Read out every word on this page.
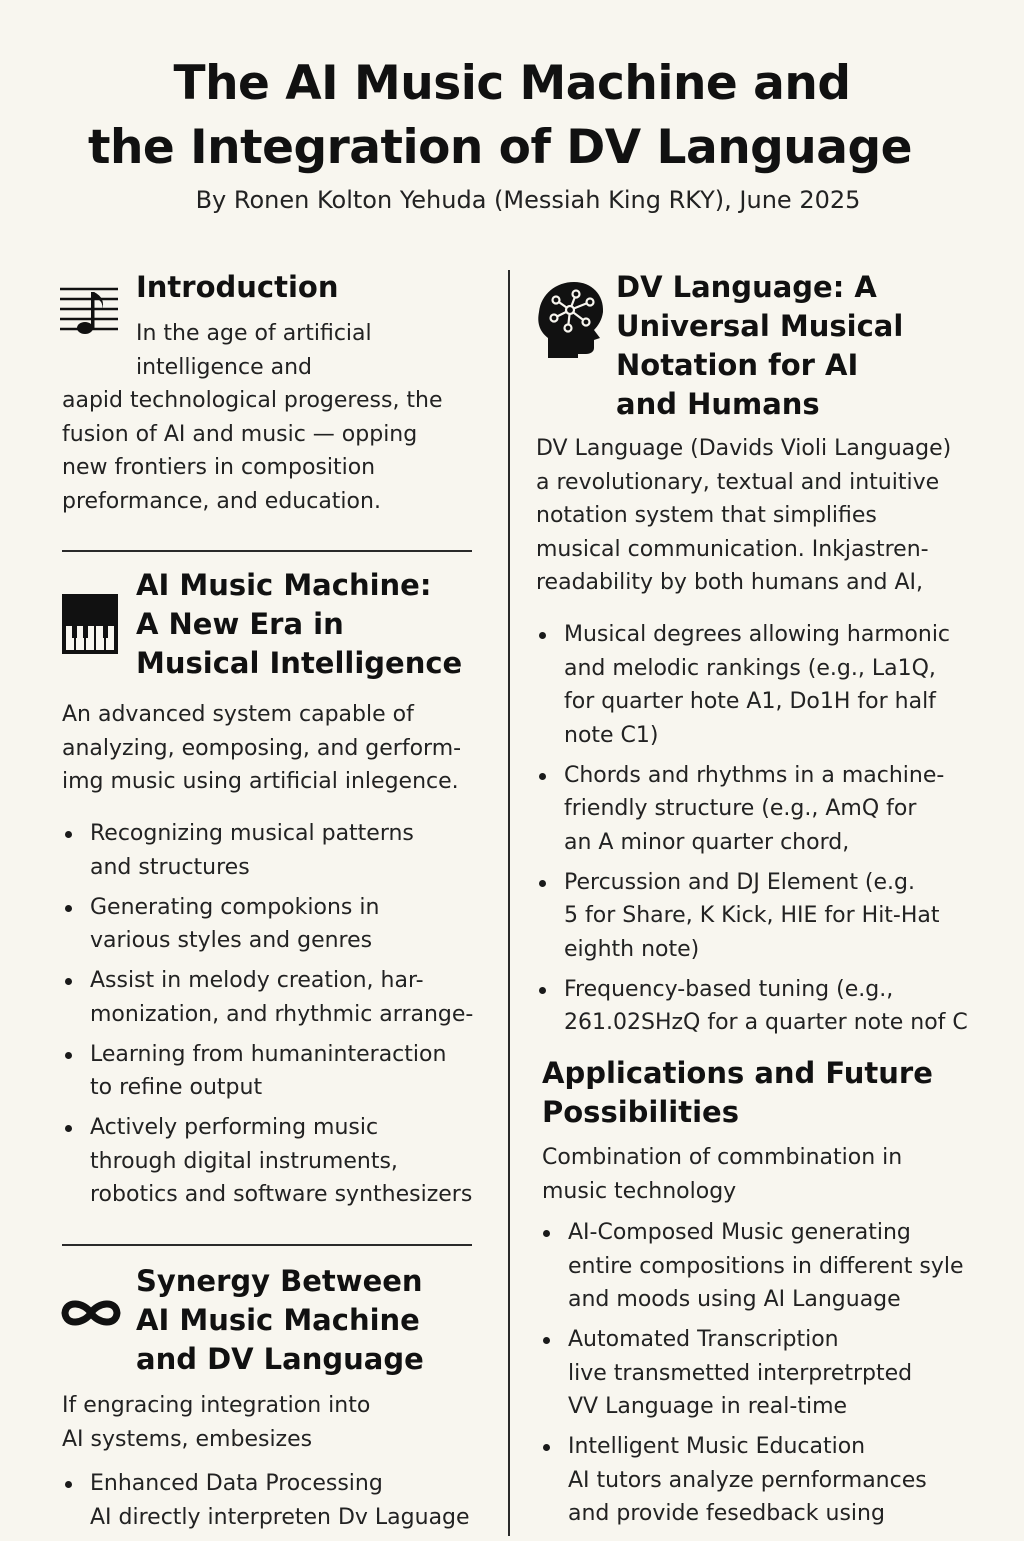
The AI Music Machine and
the Integration of DV Language
By Ronen Kolton Yehuda (Messiah King RKY), June 2025
Introduction
In the age of artificial
intelligence and
aapid technological progeress, the
fusion of AI and music — opping
new frontiers in composition
preformance, and education.
AI Music Machine:
A New Era in
Musical Intelligence
An advanced system capable of
analyzing, eomposing, and gerform-
img music using artificial inlegence.
Recognizing musical patterns
and structures
Generating compokions in
various styles and genres
Assist in melody creation, har-
monization, and rhythmic arrange-
Learning from humaninteraction
to refine output
Actively performing music
through digital instruments,
robotics and software synthesizers
Synergy Between
AI Music Machine
and DV Language
If engracing integration into
AI systems, embesizes
Enhanced Data Processing
AI directly interpreten Dv Laguage
DV Language: A
Universal Musical
Notation for AI
and Humans
DV Language (Davids Violi Language)
a revolutionary, textual and intuitive
notation system that simplifies
musical communication. Inkjastren-
readability by both humans and AI,
Musical degrees allowing harmonic
and melodic rankings (e.g., La1Q,
for quarter hote A1, Do1H for half
note C1)
Chords and rhythms in a machine-
friendly structure (e.g., AmQ for
an A minor quarter chord,
Percussion and DJ Element (e.g.
5 for Share, K Kick, HIE for Hit-Hat
eighth note)
Frequency-based tuning (e.g.,
261.02SHzQ for a quarter note nof C
Applications and Future
Possibilities
Combination of commbination in
music technology
AI-Composed Music generating
entire compositions in different syle
and moods using AI Language
Automated Transcription
live transmetted interpretrpted
VV Language in real-time
Intelligent Music Education
AI tutors analyze pernformances
and provide fesedback using
